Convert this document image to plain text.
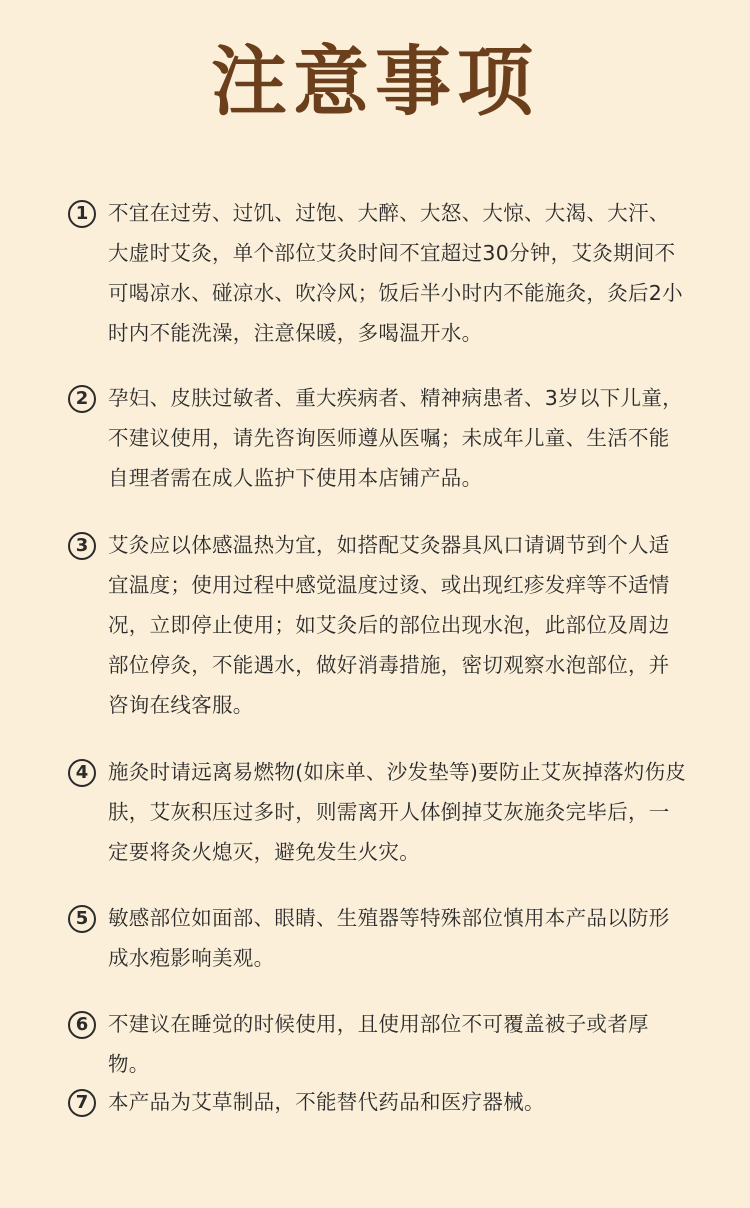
注意事项
1 不宜在过劳、过饥、过饱、大醉、大怒、大惊、大渴、大汗、大虚时艾灸，单个部位艾灸时间不宜超过30分钟，艾灸期间不可喝凉水、碰凉水、吹冷风；饭后半小时内不能施灸，灸后2小时内不能洗澡，注意保暖，多喝温开水。
2 孕妇、皮肤过敏者、重大疾病者、精神病患者、3岁以下儿童，不建议使用，请先咨询医师遵从医嘱；未成年儿童、生活不能自理者需在成人监护下使用本店铺产品。
3 艾灸应以体感温热为宜，如搭配艾灸器具风口请调节到个人适宜温度；使用过程中感觉温度过烫、或出现红疹发痒等不适情况，立即停止使用；如艾灸后的部位出现水泡，此部位及周边部位停灸，不能遇水，做好消毒措施，密切观察水泡部位，并咨询在线客服。
4 施灸时请远离易燃物(如床单、沙发垫等)要防止艾灰掉落灼伤皮肤，艾灰积压过多时，则需离开人体倒掉艾灰施灸完毕后，一定要将灸火熄灭，避免发生火灾。
5 敏感部位如面部、眼睛、生殖器等特殊部位慎用本产品以防形成水疱影响美观。
6 不建议在睡觉的时候使用，且使用部位不可覆盖被子或者厚物。
7 本产品为艾草制品，不能替代药品和医疗器械。
